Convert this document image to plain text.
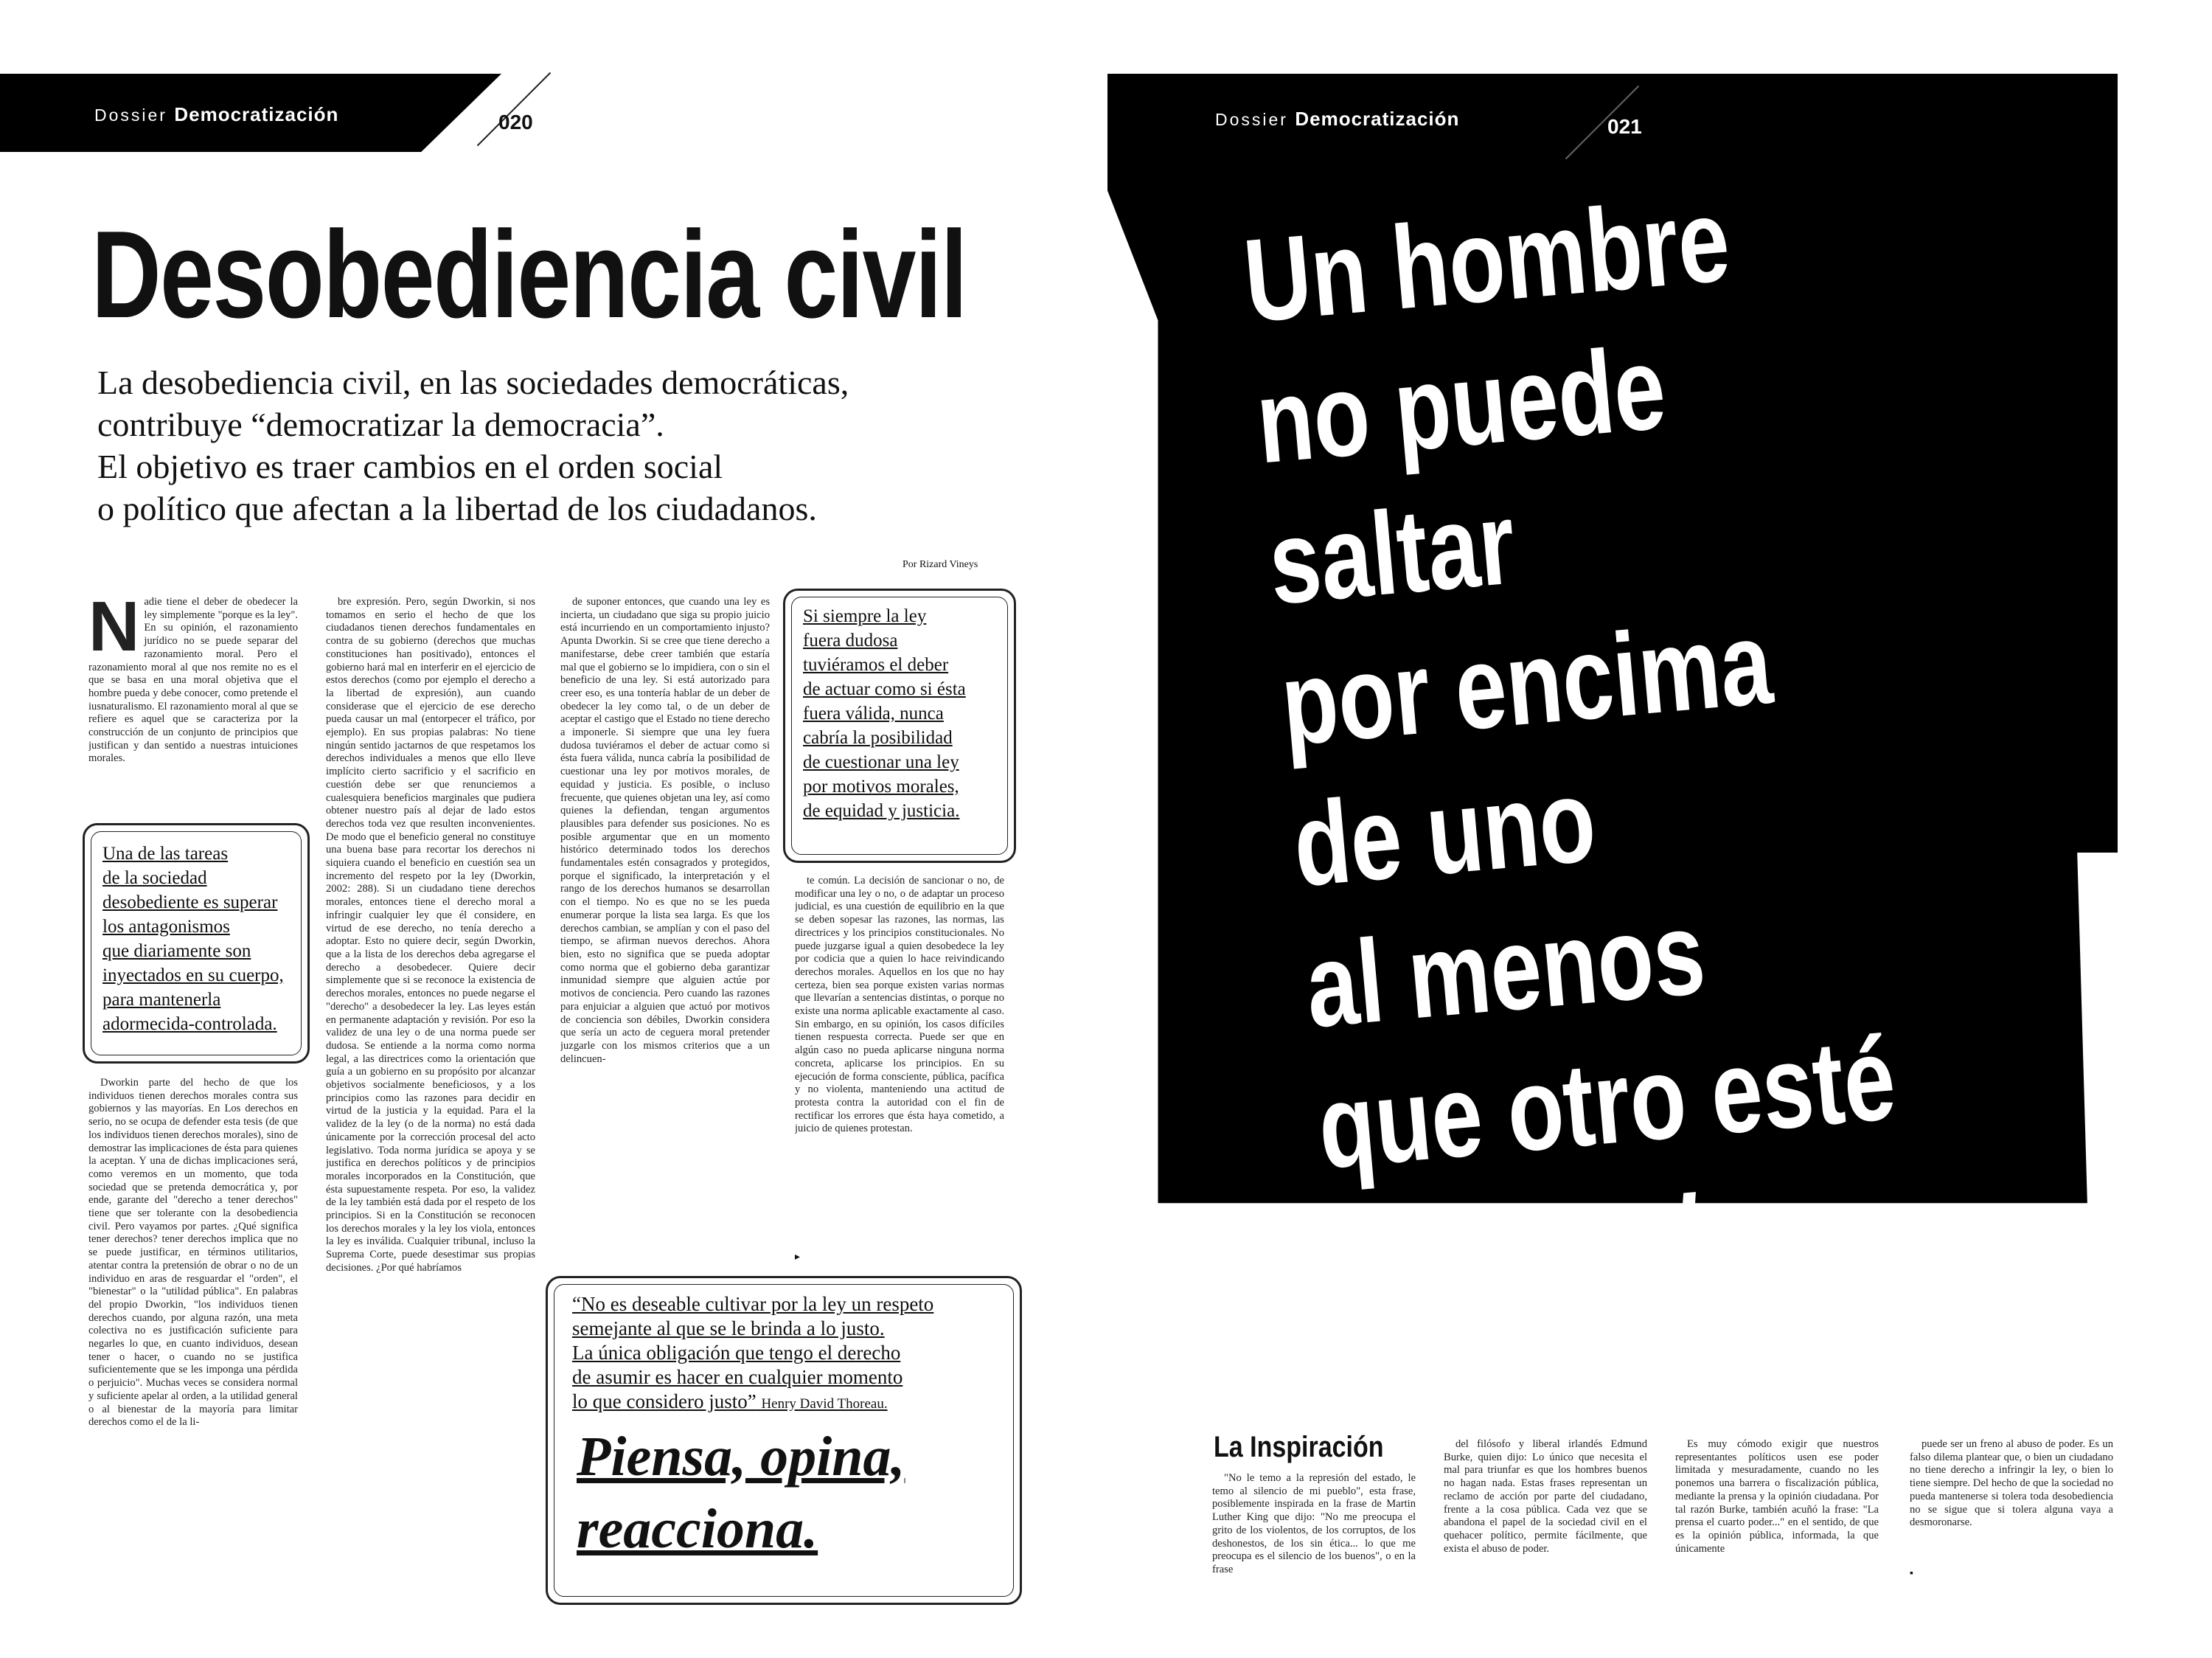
Dossier Democratización	020
Desobediencia civil
La desobediencia civil, en las sociedades democráticas,
contribuye “democratizar la democracia”.
El objetivo es traer cambios en el orden social
o político que afectan a la libertad de los ciudadanos.
Por Rizard Vineys
N adie tiene el deber de obedecer la ley simplemente "porque es la ley". En su opinión, el razonamiento jurídico no se puede separar del razonamiento moral. Pero el razonamiento moral al que nos remite no es el que se basa en una moral objetiva que el hombre pueda y debe conocer, como pretende el iusnaturalismo. El razonamiento moral al que se refiere es aquel que se caracteriza por la construcción de un conjunto de principios que justifican y dan sentido a nuestras intuiciones morales.
Una de las tareas
de la sociedad
desobediente es superar
los antagonismos
que diariamente son
inyectados en su cuerpo,
para mantenerla
adormecida-controlada.

Dworkin parte del hecho de que los individuos tienen derechos morales contra sus gobiernos y las mayorías. En Los derechos en serio, no se ocupa de defender esta tesis (de que los individuos tienen derechos morales), sino de demostrar las implicaciones de ésta para quienes la aceptan. Y una de dichas implicaciones será, como veremos en un momento, que toda sociedad que se pretenda democrática y, por ende, garante del "derecho a tener derechos" tiene que ser tolerante con la desobediencia civil. Pero vayamos por partes. ¿Qué significa tener derechos? tener derechos implica que no se puede justificar, en términos utilitarios, atentar contra la pretensión de obrar o no de un individuo en aras de resguardar el "orden", el "bienestar" o la "utilidad pública". En palabras del propio Dworkin, "los individuos tienen derechos cuando, por alguna razón, una meta colectiva no es justificación suficiente para negarles lo que, en cuanto individuos, desean tener o hacer, o cuando no se justifica suficientemente que se les imponga una pérdida o perjuicio". Muchas veces se considera normal y suficiente apelar al orden, a la utilidad general o al bienestar de la mayoría para limitar derechos como el de la li-

bre expresión. Pero, según Dworkin, si nos tomamos en serio el hecho de que los ciudadanos tienen derechos fundamentales en contra de su gobierno (derechos que muchas constituciones han positivado), entonces el gobierno hará mal en interferir en el ejercicio de estos derechos (como por ejemplo el derecho a la libertad de expresión), aun cuando considerase que el ejercicio de ese derecho pueda causar un mal (entorpecer el tráfico, por ejemplo). En sus propias palabras: No tiene ningún sentido jactarnos de que respetamos los derechos individuales a menos que ello lleve implícito cierto sacrificio y el sacrificio en cuestión debe ser que renunciemos a cualesquiera beneficios marginales que pudiera obtener nuestro país al dejar de lado estos derechos toda vez que resulten inconvenientes. De modo que el beneficio general no constituye una buena base para recortar los derechos ni siquiera cuando el beneficio en cuestión sea un incremento del respeto por la ley (Dworkin, 2002: 288). Si un ciudadano tiene derechos morales, entonces tiene el derecho moral a infringir cualquier ley que él considere, en virtud de ese derecho, no tenía derecho a adoptar. Esto no quiere decir, según Dworkin, que a la lista de los derechos deba agregarse el derecho a desobedecer. Quiere decir simplemente que si se reconoce la existencia de derechos morales, entonces no puede negarse el "derecho" a desobedecer la ley. Las leyes están en permanente adaptación y revisión. Por eso la validez de una ley o de una norma puede ser dudosa. Se entiende a la norma como norma legal, a las directrices como la orientación que guía a un gobierno en su propósito por alcanzar objetivos socialmente beneficiosos, y a los principios como las razones para decidir en virtud de la justicia y la equidad. Para el la validez de la ley (o de la norma) no está dada únicamente por la corrección procesal del acto legislativo. Toda norma jurídica se apoya y se justifica en derechos políticos y de principios morales incorporados en la Constitución, que ésta supuestamente respeta. Por eso, la validez de la ley también está dada por el respeto de los principios. Si en la Constitución se reconocen los derechos morales y la ley los viola, entonces la ley es inválida. Cualquier tribunal, incluso la Suprema Corte, puede desestimar sus propias decisiones. ¿Por qué habríamos

de suponer entonces, que cuando una ley es incierta, un ciudadano que siga su propio juicio está incurriendo en un comportamiento injusto? Apunta Dworkin. Si se cree que tiene derecho a manifestarse, debe creer también que estaría mal que el gobierno se lo impidiera, con o sin el beneficio de una ley. Si está autorizado para creer eso, es una tontería hablar de un deber de obedecer la ley como tal, o de un deber de aceptar el castigo que el Estado no tiene derecho a imponerle. Si siempre que una ley fuera dudosa tuviéramos el deber de actuar como si ésta fuera válida, nunca cabría la posibilidad de cuestionar una ley por motivos morales, de equidad y justicia. Es posible, o incluso frecuente, que quienes objetan una ley, así como quienes la defiendan, tengan argumentos plausibles para defender sus posiciones. No es posible argumentar que en un momento histórico determinado todos los derechos fundamentales estén consagrados y protegidos, porque el significado, la interpretación y el rango de los derechos humanos se desarrollan con el tiempo. No es que no se les pueda enumerar porque la lista sea larga. Es que los derechos cambian, se amplían y con el paso del tiempo, se afirman nuevos derechos. Ahora bien, esto no significa que se pueda adoptar como norma que el gobierno deba garantizar inmunidad siempre que alguien actúe por motivos de conciencia. Pero cuando las razones para enjuiciar a alguien que actuó por motivos de conciencia son débiles, Dworkin considera que sería un acto de ceguera moral pretender juzgarle con los mismos criterios que a un delincuen-

Si siempre la ley
fuera dudosa
tuviéramos el deber
de actuar como si ésta
fuera válida, nunca
cabría la posibilidad
de cuestionar una ley
por motivos morales,
de equidad y justicia.

te común. La decisión de sancionar o no, de modificar una ley o no, o de adaptar un proceso judicial, es una cuestión de equilibrio en la que se deben sopesar las razones, las normas, las directrices y los principios constitucionales. No puede juzgarse igual a quien desobedece la ley por codicia que a quien lo hace reivindicando derechos morales. Aquellos en los que no hay certeza, bien sea porque existen varias normas que llevarían a sentencias distintas, o porque no existe una norma aplicable exactamente al caso. Sin embargo, en su opinión, los casos difíciles tienen respuesta correcta. Puede ser que en algún caso no pueda aplicarse ninguna norma concreta, aplicarse los principios. En su ejecución de forma consciente, pública, pacífica y no violenta, manteniendo una actitud de protesta contra la autoridad con el fin de rectificar los errores que ésta haya cometido, a juicio de quienes protestan.

▸
“No es deseable cultivar por la ley un respeto
semejante al que se le brinda a lo justo.
La única obligación que tengo el derecho
de asumir es hacer en cualquier momento
lo que considero justo” Henry David Thoreau.
Piensa, opina,
reacciona.
Dossier Democratización	021
Un hombre
no puede
saltar
por encima
de uno
al menos
que otro esté
ayachado.
Martin Luther King
La Inspiración

"No le temo a la represión del estado, le temo al silencio de mi pueblo", esta frase, posiblemente inspirada en la frase de Martin Luther King que dijo: "No me preocupa el grito de los violentos, de los corruptos, de los deshonestos, de los sin ética... lo que me preocupa es el silencio de los buenos", o en la frase

del filósofo y liberal irlandés Edmund Burke, quien dijo: Lo único que necesita el mal para triunfar es que los hombres buenos no hagan nada. Estas frases representan un reclamo de acción por parte del ciudadano, frente a la cosa pública. Cada vez que se abandona el papel de la sociedad civil en el quehacer político, permite fácilmente, que exista el abuso de poder.

Es muy cómodo exigir que nuestros representantes políticos usen ese poder limitada y mesuradamente, cuando no les ponemos una barrera o fiscalización pública, mediante la prensa y la opinión ciudadana. Por tal razón Burke, también acuñó la frase: "La prensa el cuarto poder..." en el sentido, de que es la opinión pública, informada, la que únicamente

puede ser un freno al abuso de poder. Es un falso dilema plantear que, o bien un ciudadano no tiene derecho a infringir la ley, o bien lo tiene siempre. Del hecho de que la sociedad no pueda mantenerse si tolera toda desobediencia no se sigue que si tolera alguna vaya a desmoronarse.

▪
